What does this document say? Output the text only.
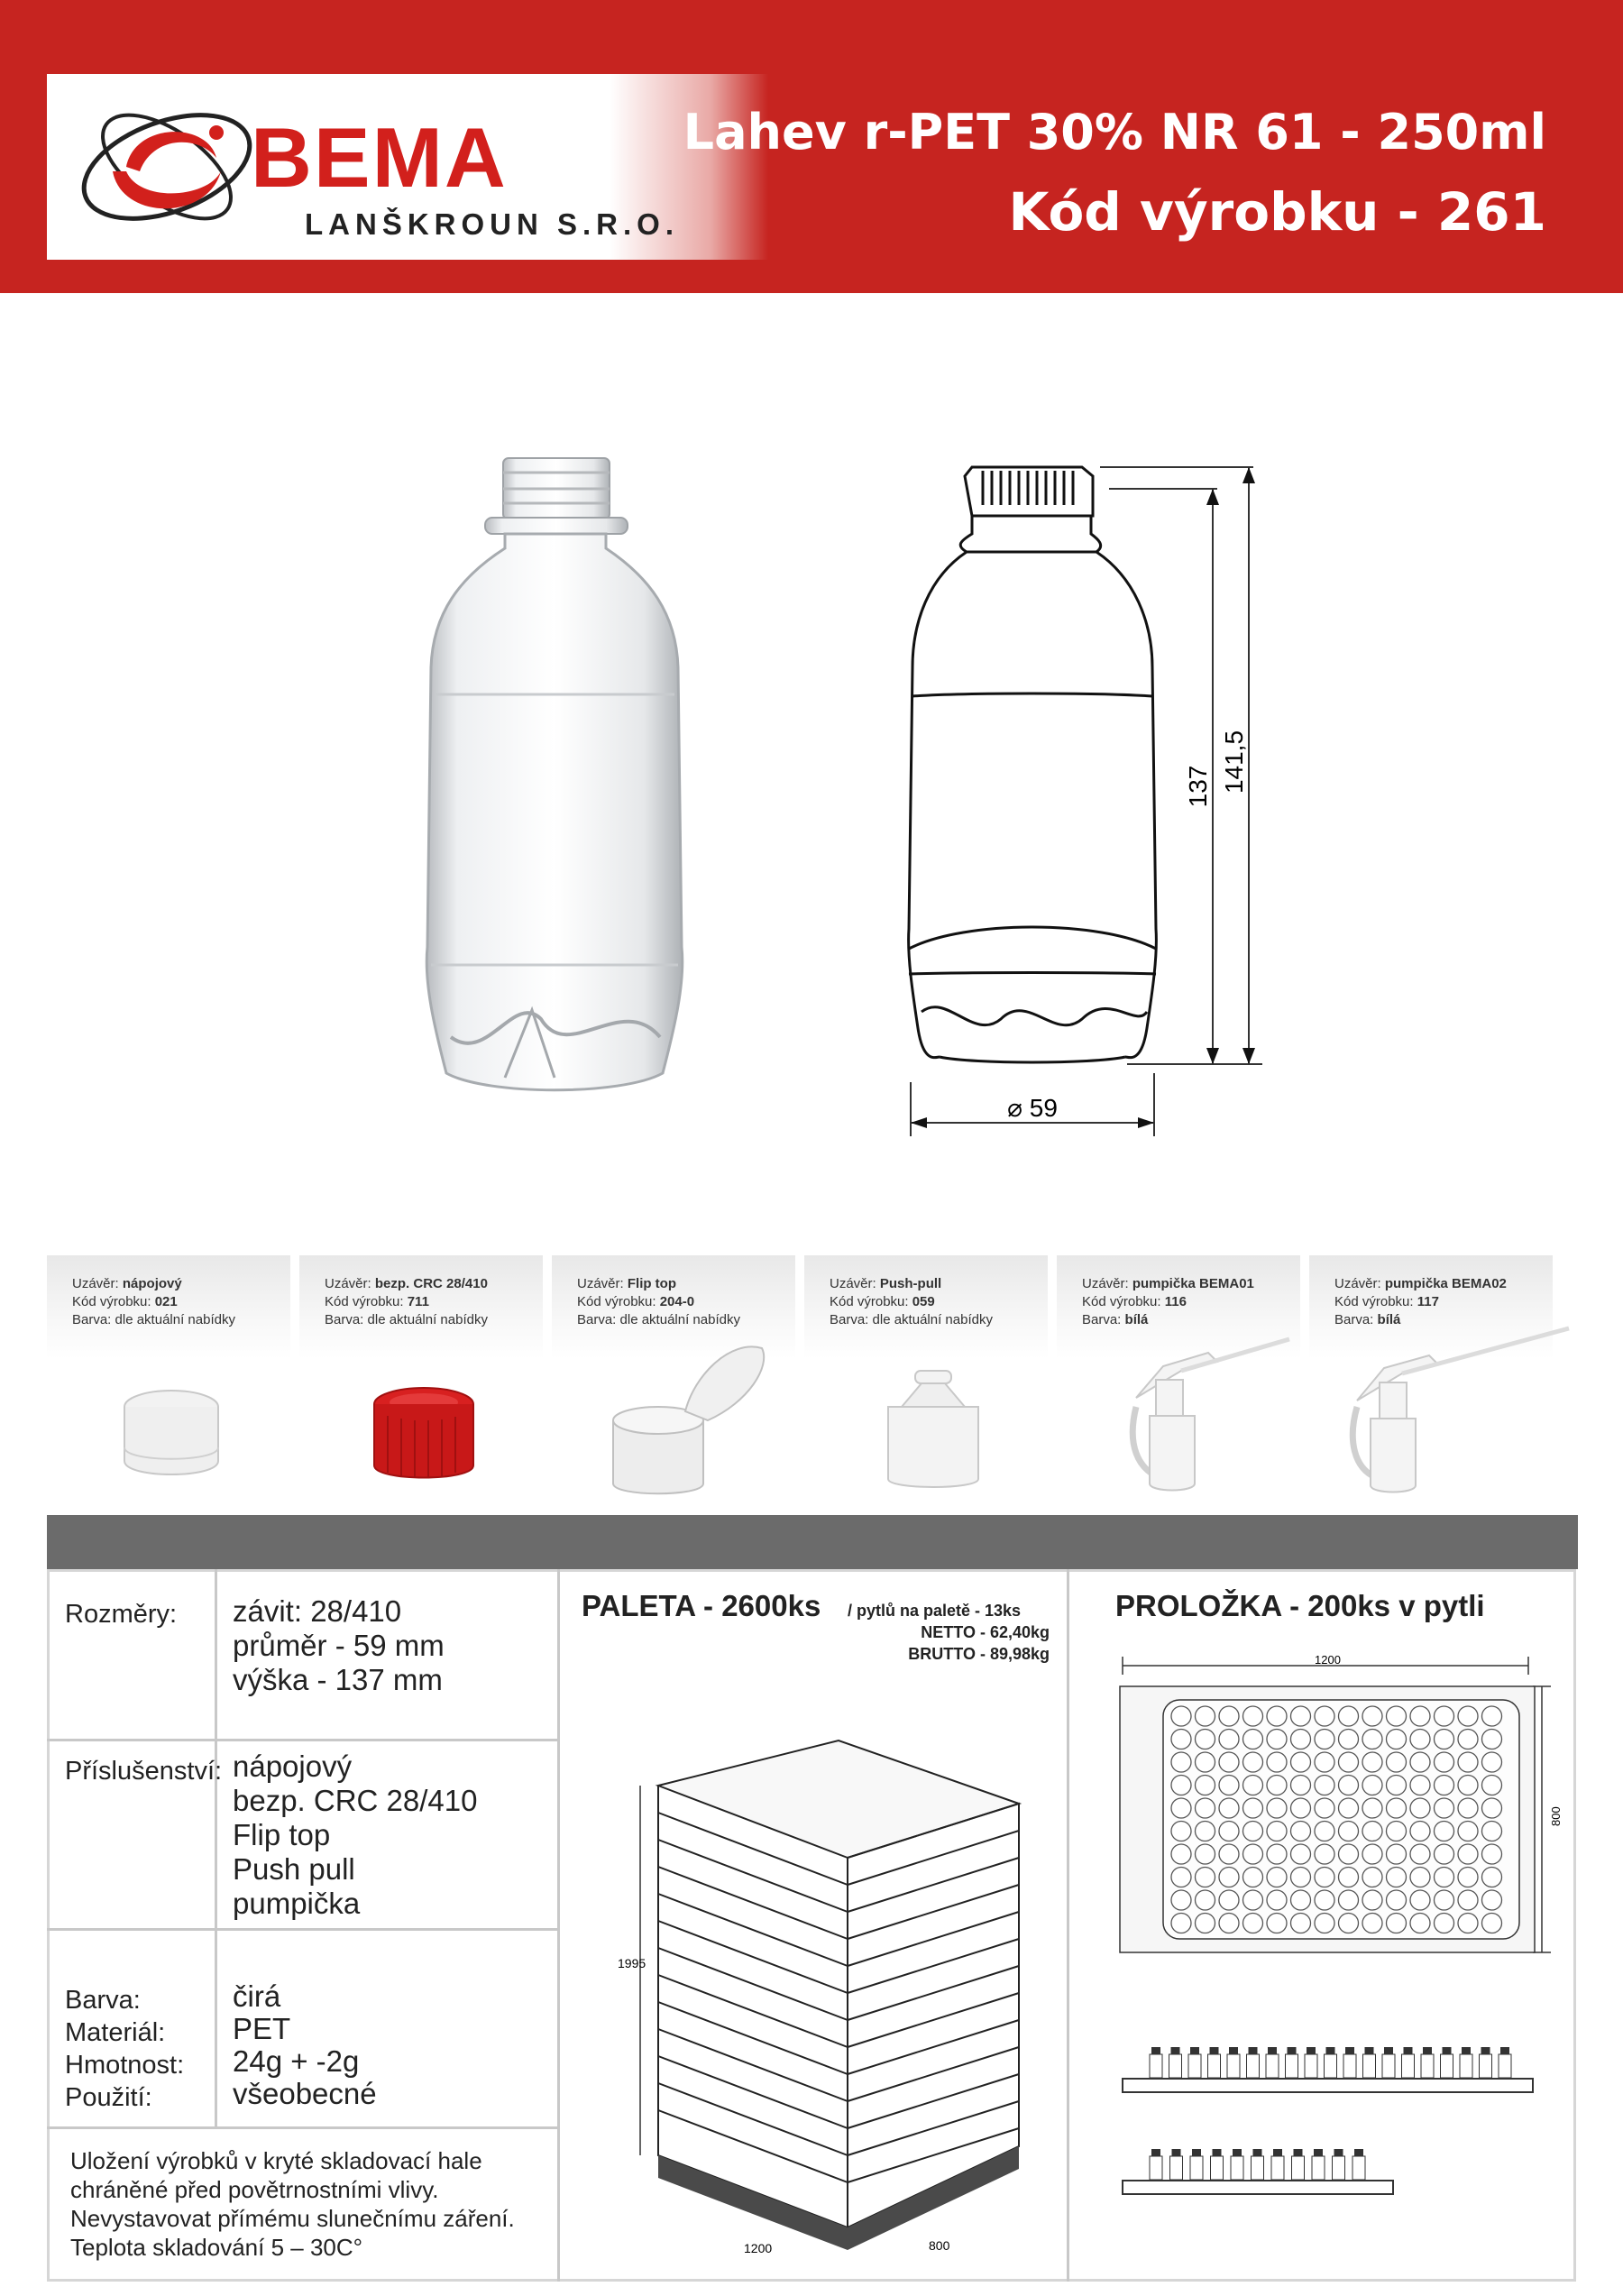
BEMA
LANŠKROUN S.R.O.
Lahev r-PET 30% NR 61 - 250ml
Kód výrobku - 261
137 141,5
⌀ 59
Uzávěr: nápojový
Kód výrobku: 021
Barva: dle aktuální nabídky
Uzávěr: bezp. CRC 28/410
Kód výrobku: 711
Barva: dle aktuální nabídky
Uzávěr: Flip top
Kód výrobku: 204-0
Barva: dle aktuální nabídky
Uzávěr: Push-pull
Kód výrobku: 059
Barva: dle aktuální nabídky
Uzávěr: pumpička BEMA01
Kód výrobku: 116
Barva: bílá
Uzávěr: pumpička BEMA02
Kód výrobku: 117
Barva: bílá
Rozměry: závit: 28/410
průměr - 59 mm
výška - 137 mm
Příslušenství: nápojový
bezp. CRC 28/410
Flip top
Push pull
pumpička
Barva:
Materiál:
Hmotnost:
Použití:
čirá
PET
24g + -2g
všeobecné
Uložení výrobků v kryté skladovací hale
chráněné před povětrnostními vlivy.
Nevystavovat přímému slunečnímu záření.
Teplota skladování 5 – 30C°
PALETA - 2600ks / pytlů na paletě - 13ks
NETTO - 62,40kg
BRUTTO - 89,98kg
1995
1200	800
PROLOŽKA - 200ks v pytli
1200
800
